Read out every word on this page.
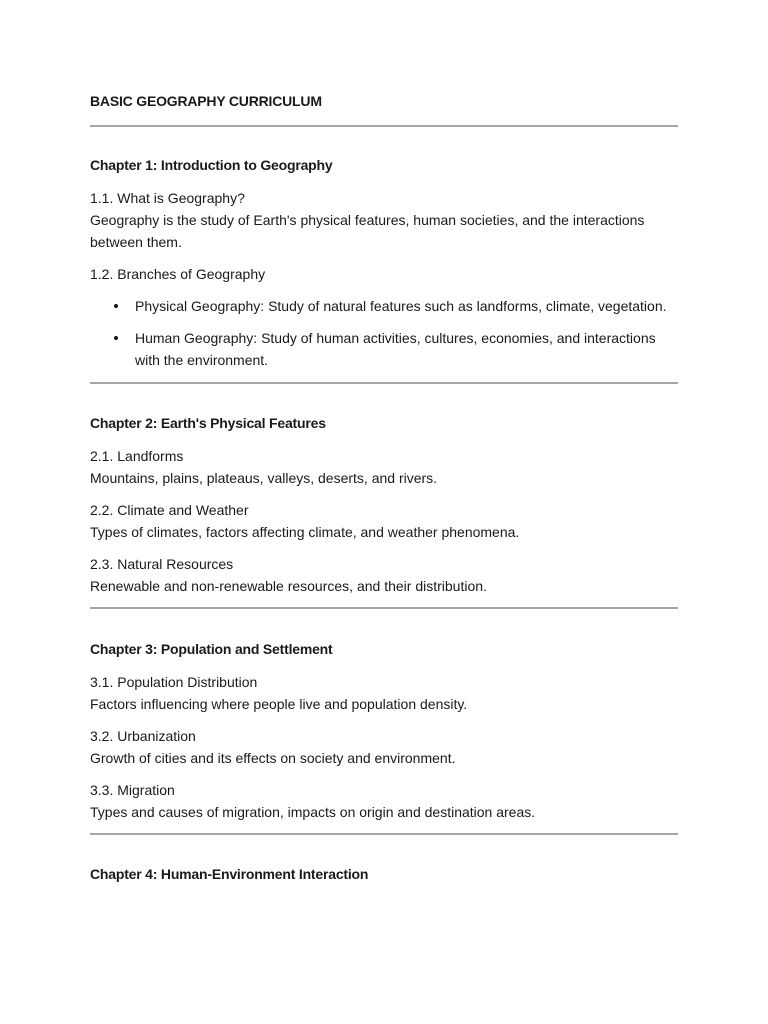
BASIC GEOGRAPHY CURRICULUM
Chapter 1: Introduction to Geography
1.1. What is Geography?
Geography is the study of Earth's physical features, human societies, and the interactions
between them.
1.2. Branches of Geography
Physical Geography: Study of natural features such as landforms, climate, vegetation.
Human Geography: Study of human activities, cultures, economies, and interactions with the environment.
Chapter 2: Earth's Physical Features
2.1. Landforms
Mountains, plains, plateaus, valleys, deserts, and rivers.
2.2. Climate and Weather
Types of climates, factors affecting climate, and weather phenomena.
2.3. Natural Resources
Renewable and non-renewable resources, and their distribution.
Chapter 3: Population and Settlement
3.1. Population Distribution
Factors influencing where people live and population density.
3.2. Urbanization
Growth of cities and its effects on society and environment.
3.3. Migration
Types and causes of migration, impacts on origin and destination areas.
Chapter 4: Human-Environment Interaction
